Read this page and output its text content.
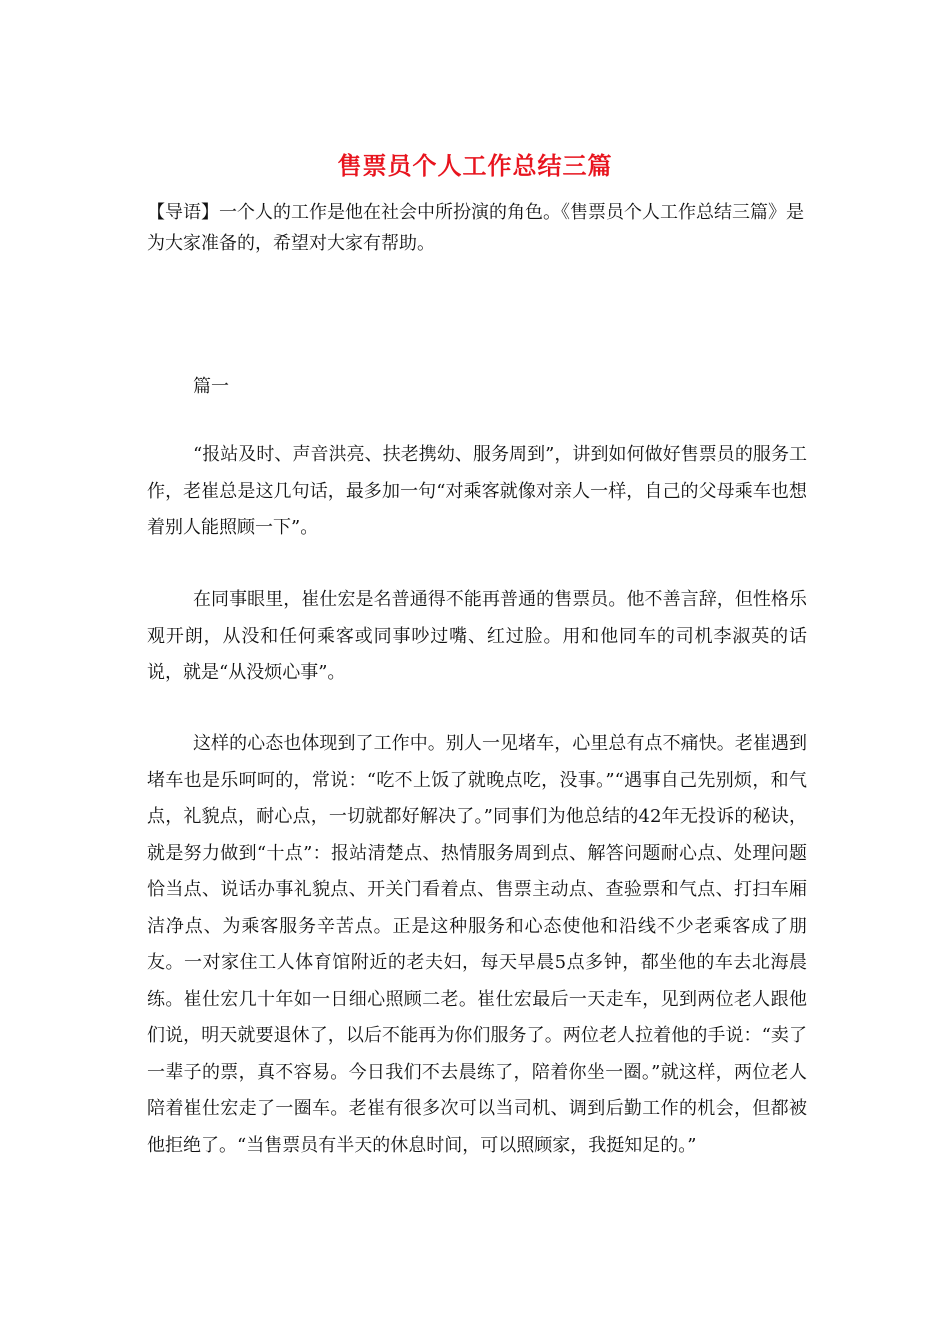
售票员个人工作总结三篇

【导语】一个人的工作是他在社会中所扮演的角色。《售票员个人工作总结三篇》是为大家准备的，希望对大家有帮助。

篇一

“报站及时、声音洪亮、扶老携幼、服务周到”，讲到如何做好售票员的服务工作，老崔总是这几句话，最多加一句“对乘客就像对亲人一样，自己的父母乘车也想着别人能照顾一下”。

在同事眼里，崔仕宏是名普通得不能再普通的售票员。他不善言辞，但性格乐观开朗，从没和任何乘客或同事吵过嘴、红过脸。用和他同车的司机李淑英的话说，就是“从没烦心事”。

这样的心态也体现到了工作中。别人一见堵车，心里总有点不痛快。老崔遇到堵车也是乐呵呵的，常说：“吃不上饭了就晚点吃，没事。”“遇事自己先别烦，和气点，礼貌点，耐心点，一切就都好解决了。”同事们为他总结的42年无投诉的秘诀，就是努力做到“十点”：报站清楚点、热情服务周到点、解答问题耐心点、处理问题恰当点、说话办事礼貌点、开关门看着点、售票主动点、查验票和气点、打扫车厢洁净点、为乘客服务辛苦点。正是这种服务和心态使他和沿线不少老乘客成了朋友。一对家住工人体育馆附近的老夫妇，每天早晨5点多钟，都坐他的车去北海晨练。崔仕宏几十年如一日细心照顾二老。崔仕宏最后一天走车，见到两位老人跟他们说，明天就要退休了，以后不能再为你们服务了。两位老人拉着他的手说：“卖了一辈子的票，真不容易。今日我们不去晨练了，陪着你坐一圈。”就这样，两位老人陪着崔仕宏走了一圈车。老崔有很多次可以当司机、调到后勤工作的机会，但都被他拒绝了。“当售票员有半天的休息时间，可以照顾家，我挺知足的。”
